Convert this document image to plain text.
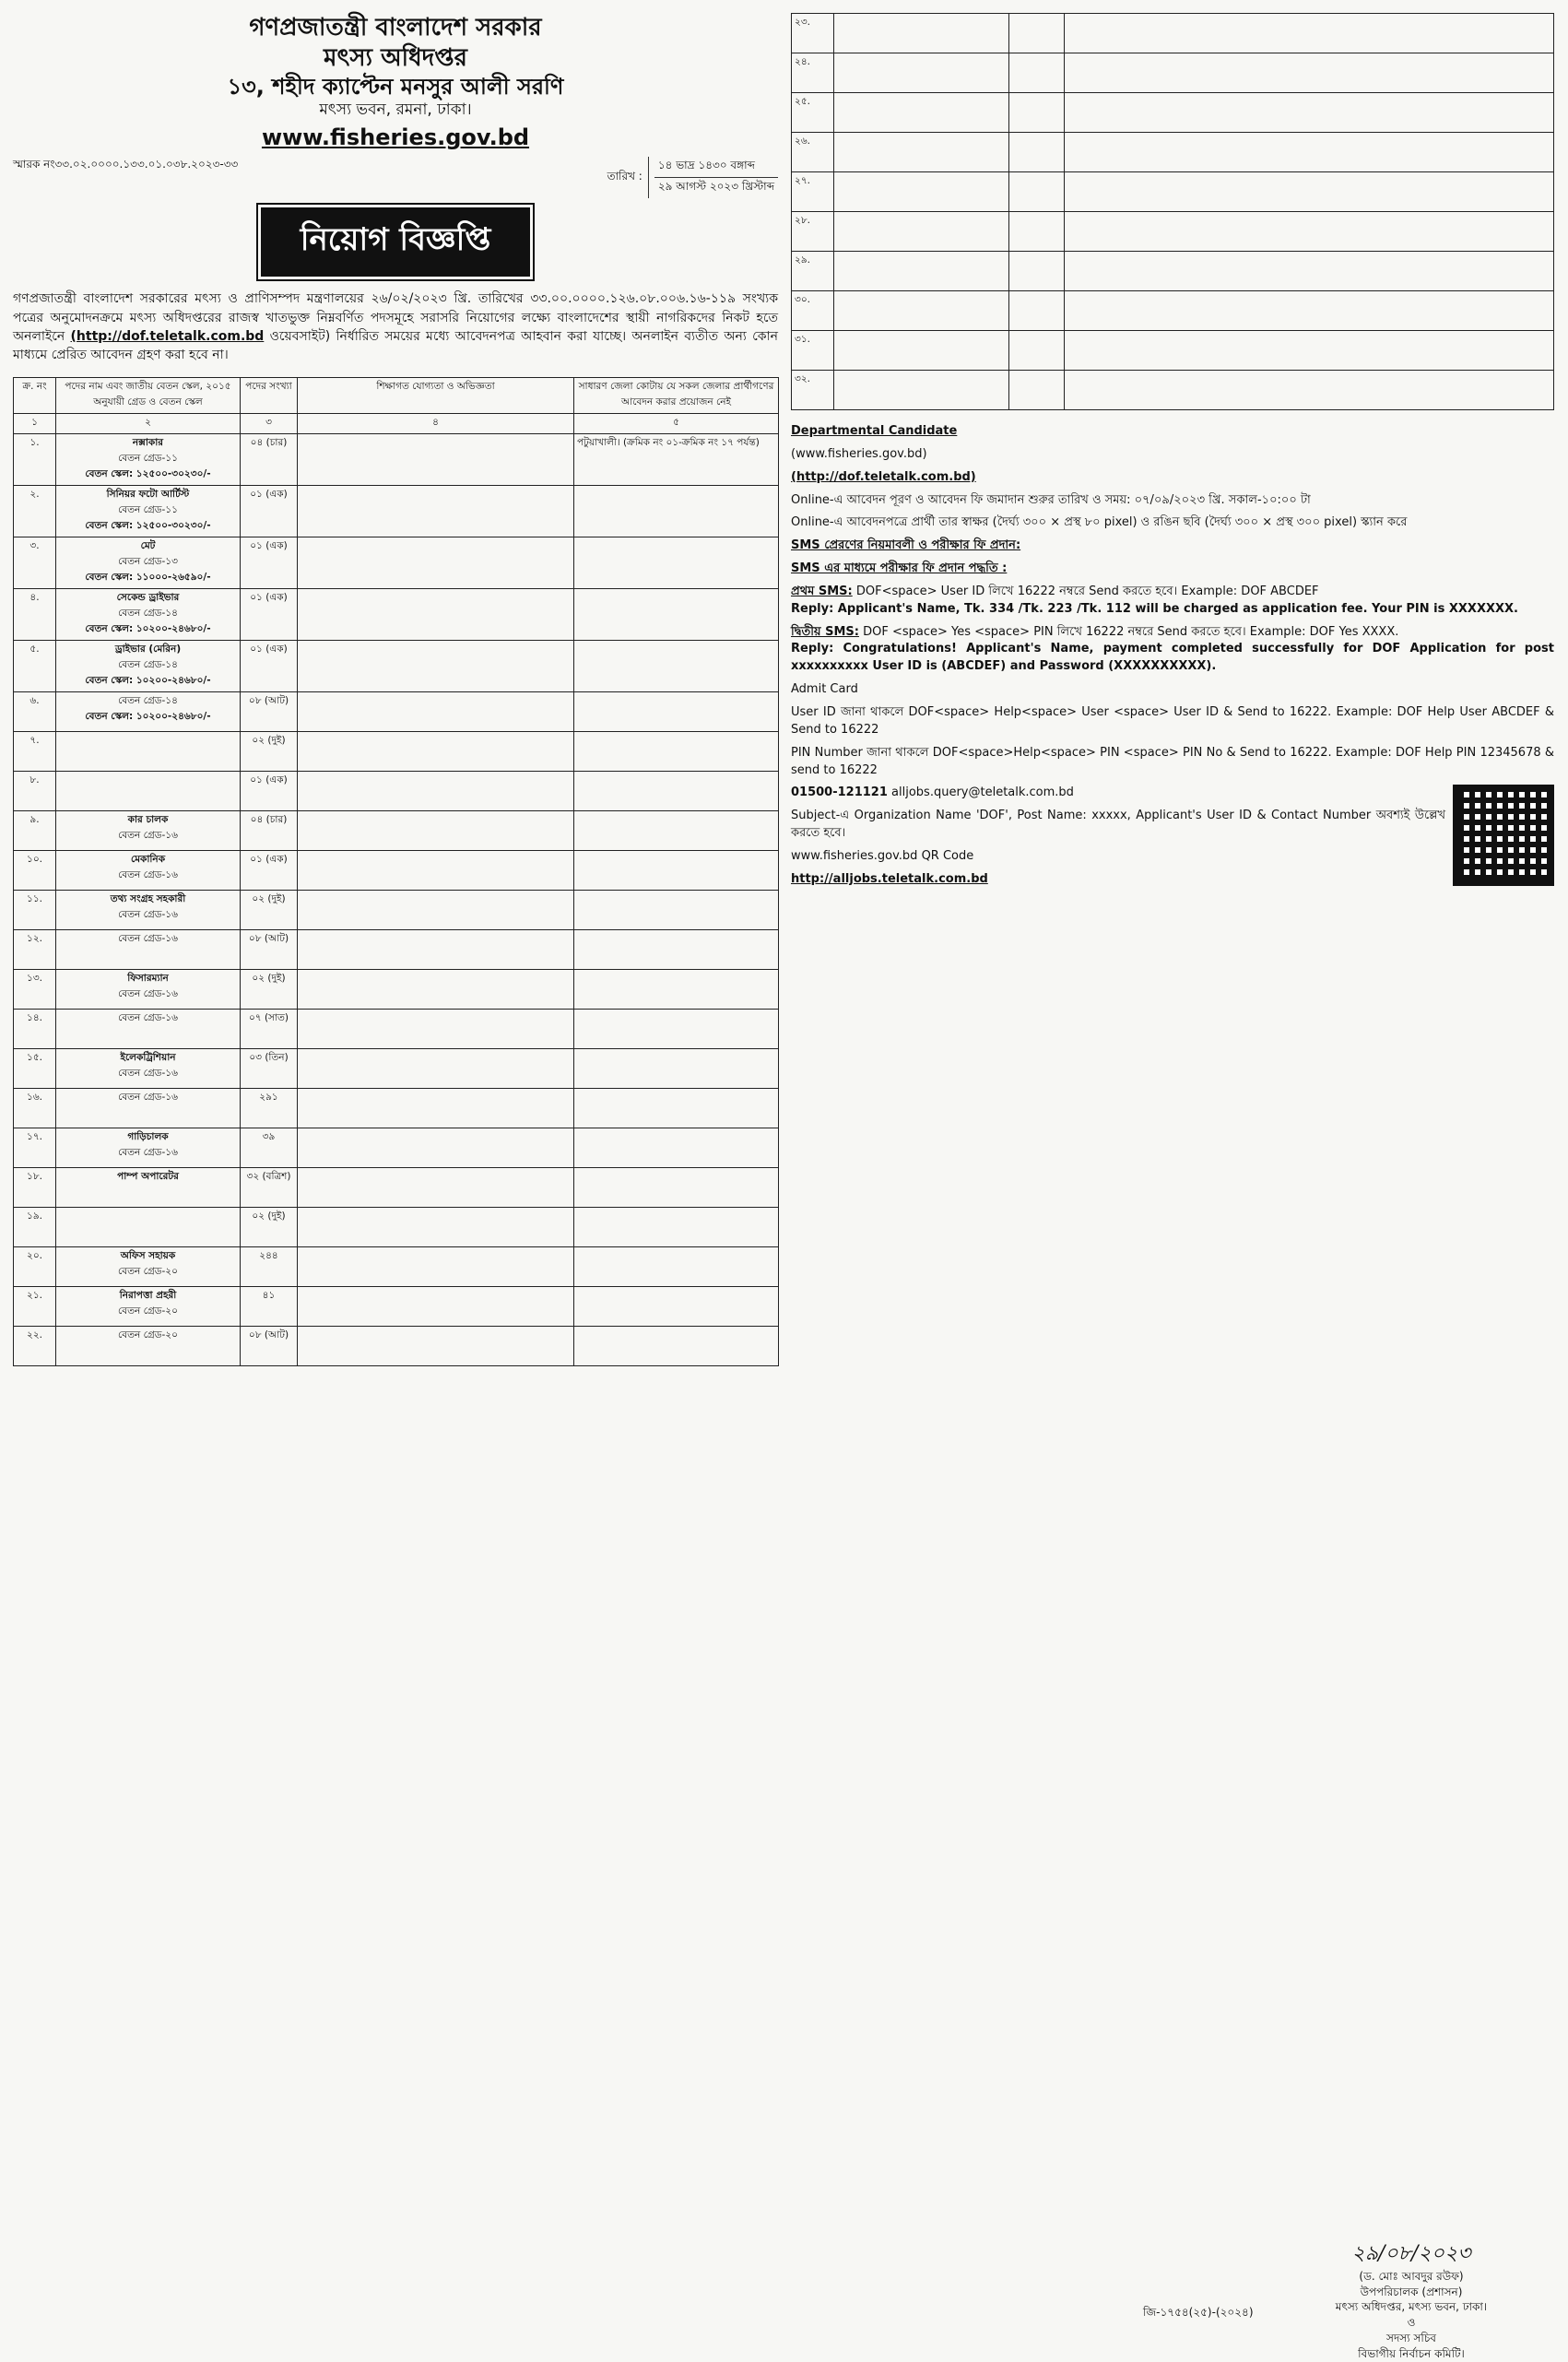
গণপ্রজাতন্ত্রী বাংলাদেশ সরকার
মৎস্য অধিদপ্তর
১৩, শহীদ ক্যাপ্টেন মনসুর আলী সরণি
মৎস্য ভবন, রমনা, ঢাকা।
www.fisheries.gov.bd
স্মারক নং৩৩.০২.০০০০.১৩৩.০১.০৩৮.২০২৩-৩৩
তারিখ :
১৪ ভাদ্র ১৪৩০ বঙ্গাব্দ
২৯ আগস্ট ২০২৩ খ্রিস্টাব্দ
নিয়োগ বিজ্ঞপ্তি

গণপ্রজাতন্ত্রী বাংলাদেশ সরকারের মৎস্য ও প্রাণিসম্পদ মন্ত্রণালয়ের ২৬/০২/২০২৩ খ্রি. তারিখের ৩৩.০০.০০০০.১২৬.০৮.০০৬.১৬-১১৯ সংখ্যক পত্রের অনুমোদনক্রমে মৎস্য অধিদপ্তরের রাজস্ব খাতভুক্ত নিম্নবর্ণিত পদসমূহে সরাসরি নিয়োগের লক্ষ্যে বাংলাদেশের স্থায়ী নাগরিকদের নিকট হতে অনলাইনে (http://dof.teletalk.com.bd ওয়েবসাইট) নির্ধারিত সময়ের মধ্যে আবেদনপত্র আহবান করা যাচ্ছে। অনলাইন ব্যতীত অন্য কোন মাধ্যমে প্রেরিত আবেদন গ্রহণ করা হবে না।

ক্র. নং	পদের নাম এবং জাতীয় বেতন স্কেল, ২০১৫ অনুযায়ী গ্রেড ও বেতন স্কেল	পদের সংখ্যা	শিক্ষাগত যোগ্যতা ও অভিজ্ঞতা	সাধারণ জেলা কোটায় যে সকল জেলার প্রার্থীগণের আবেদন করার প্রয়োজন নেই
১	২	৩	৪	৫
১.	নক্সাকার
বেতন গ্রেড-১১
বেতন স্কেল: ১২৫০০-৩০২৩০/-	০৪ (চার)		পটুয়াখালী। (ক্রমিক নং ০১-ক্রমিক নং ১৭ পর্যন্ত)
২.	সিনিয়র ফটো আর্টিস্ট
বেতন গ্রেড-১১
বেতন স্কেল: ১২৫০০-৩০২৩০/-	০১ (এক)		
৩.	মেট
বেতন গ্রেড-১৩
বেতন স্কেল: ১১০০০-২৬৫৯০/-	০১ (এক)		
৪.	সেকেন্ড ড্রাইভার
বেতন গ্রেড-১৪
বেতন স্কেল: ১০২০০-২৪৬৮০/-	০১ (এক)		
৫.	ড্রাইভার (মেরিন)
বেতন গ্রেড-১৪
বেতন স্কেল: ১০২০০-২৪৬৮০/-	০১ (এক)		
৬.	বেতন গ্রেড-১৪
বেতন স্কেল: ১০২০০-২৪৬৮০/-	০৮ (আট)		
৭.		০২ (দুই)		
৮.		০১ (এক)		
৯.	কার চালক
বেতন গ্রেড-১৬	০৪ (চার)		
১০.	মেকানিক
বেতন গ্রেড-১৬	০১ (এক)		
১১.	তথ্য সংগ্রহ সহকারী
বেতন গ্রেড-১৬	০২ (দুই)		
১২.	বেতন গ্রেড-১৬	০৮ (আট)		
১৩.	ফিসারম্যান
বেতন গ্রেড-১৬	০২ (দুই)		
১৪.	বেতন গ্রেড-১৬	০৭ (সাত)		
১৫.	ইলেকট্রিশিয়ান
বেতন গ্রেড-১৬	০৩ (তিন)		
১৬.	বেতন গ্রেড-১৬	২৯১		
১৭.	গাড়িচালক
বেতন গ্রেড-১৬	৩৯		
১৮.	পাম্প অপারেটর	৩২ (বত্রিশ)		
১৯.		০২ (দুই)		
২০.	অফিস সহায়ক
বেতন গ্রেড-২০	২৪৪		
২১.	নিরাপত্তা প্রহরী
বেতন গ্রেড-২০	৪১		
২২.	বেতন গ্রেড-২০	০৮ (আট)		
২৩.			
২৪.			
২৫.			
২৬.			
২৭.			
২৮.			
২৯.			
৩০.			
৩১.			
৩২.			

Departmental Candidate

(www.fisheries.gov.bd)

(http://dof.teletalk.com.bd)

Online-এ আবেদন পূরণ ও আবেদন ফি জমাদান শুরুর তারিখ ও সময়: ০৭/০৯/২০২৩ খ্রি. সকাল-১০:০০ টা

Online-এ আবেদনপত্রে প্রার্থী তার স্বাক্ষর (দৈর্ঘ্য ৩০০ × প্রস্থ ৮০ pixel) ও রঙিন ছবি (দৈর্ঘ্য ৩০০ × প্রস্থ ৩০০ pixel) স্ক্যান করে

SMS প্রেরণের নিয়মাবলী ও পরীক্ষার ফি প্রদান:

SMS এর মাধ্যমে পরীক্ষার ফি প্রদান পদ্ধতি :

প্রথম SMS: DOF<space> User ID লিখে 16222 নম্বরে Send করতে হবে। Example: DOF ABCDEF
Reply: Applicant's Name, Tk. 334 /Tk. 223 /Tk. 112 will be charged as application fee. Your PIN is XXXXXXX.

দ্বিতীয় SMS: DOF <space> Yes <space> PIN লিখে 16222 নম্বরে Send করতে হবে। Example: DOF Yes XXXX.
Reply: Congratulations! Applicant's Name, payment completed successfully for DOF Application for post xxxxxxxxxx User ID is (ABCDEF) and Password (XXXXXXXXXX).

Admit Card

User ID জানা থাকলে DOF<space> Help<space> User <space> User ID & Send to 16222. Example: DOF Help User ABCDEF & Send to 16222

PIN Number জানা থাকলে DOF<space>Help<space> PIN <space> PIN No & Send to 16222. Example: DOF Help PIN 12345678 & send to 16222

01500-121121 alljobs.query@teletalk.com.bd

Subject-এ Organization Name 'DOF', Post Name: xxxxx, Applicant's User ID & Contact Number অবশ্যই উল্লেখ করতে হবে।

www.fisheries.gov.bd QR Code

http://alljobs.teletalk.com.bd

২৯/০৮/২০২৩
(ড. মোঃ আবদুর রউফ)
উপপরিচালক (প্রশাসন)
মৎস্য অধিদপ্তর, মৎস্য ভবন, ঢাকা।
ও
সদস্য সচিব
বিভাগীয় নির্বাচন কমিটি।
জি-১৭৫৪(২৫)-(২০২৪)
